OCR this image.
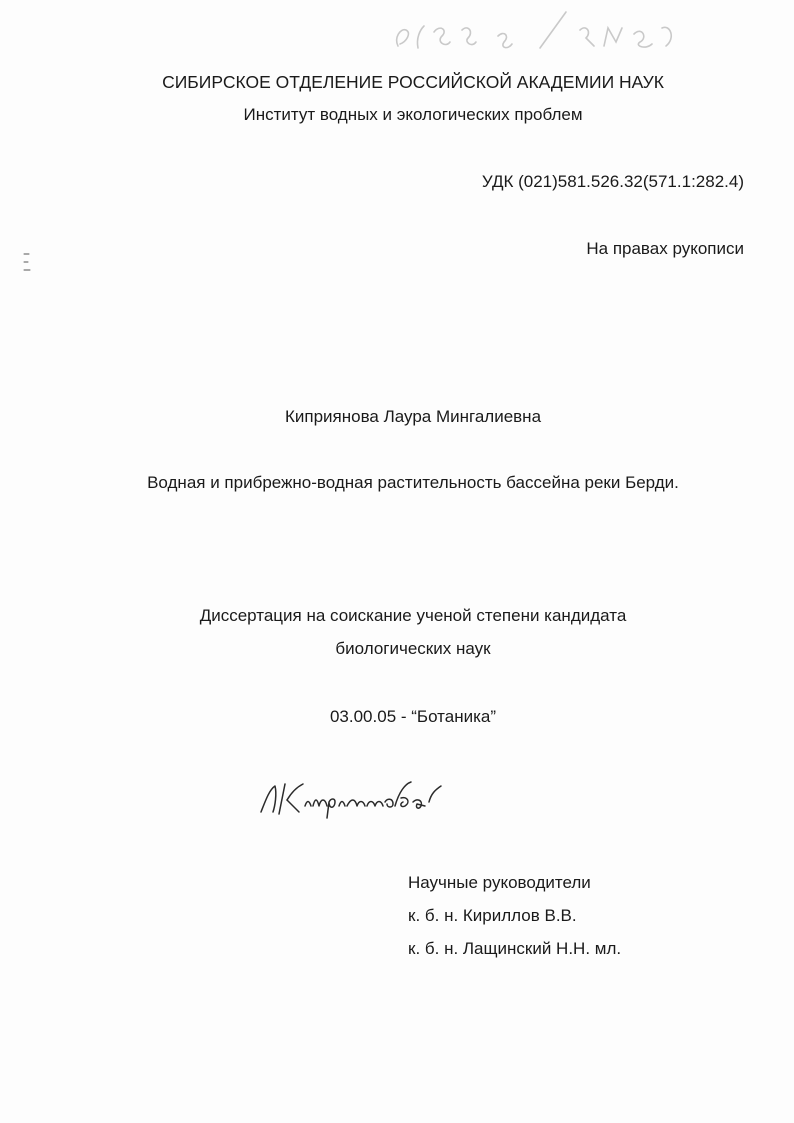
СИБИРСКОЕ ОТДЕЛЕНИЕ РОССИЙСКОЙ АКАДЕМИИ НАУК
Институт водных и экологических проблем
УДК (021)581.526.32(571.1:282.4)
На правах рукописи
Киприянова Лаура Мингалиевна
Водная и прибрежно-водная растительность бассейна реки Берди.
Диссертация на соискание ученой степени кандидата
биологических наук
03.00.05 - “Ботаника”
Научные руководители
к. б. н. Кириллов В.В.
к. б. н. Лащинский Н.Н. мл.
